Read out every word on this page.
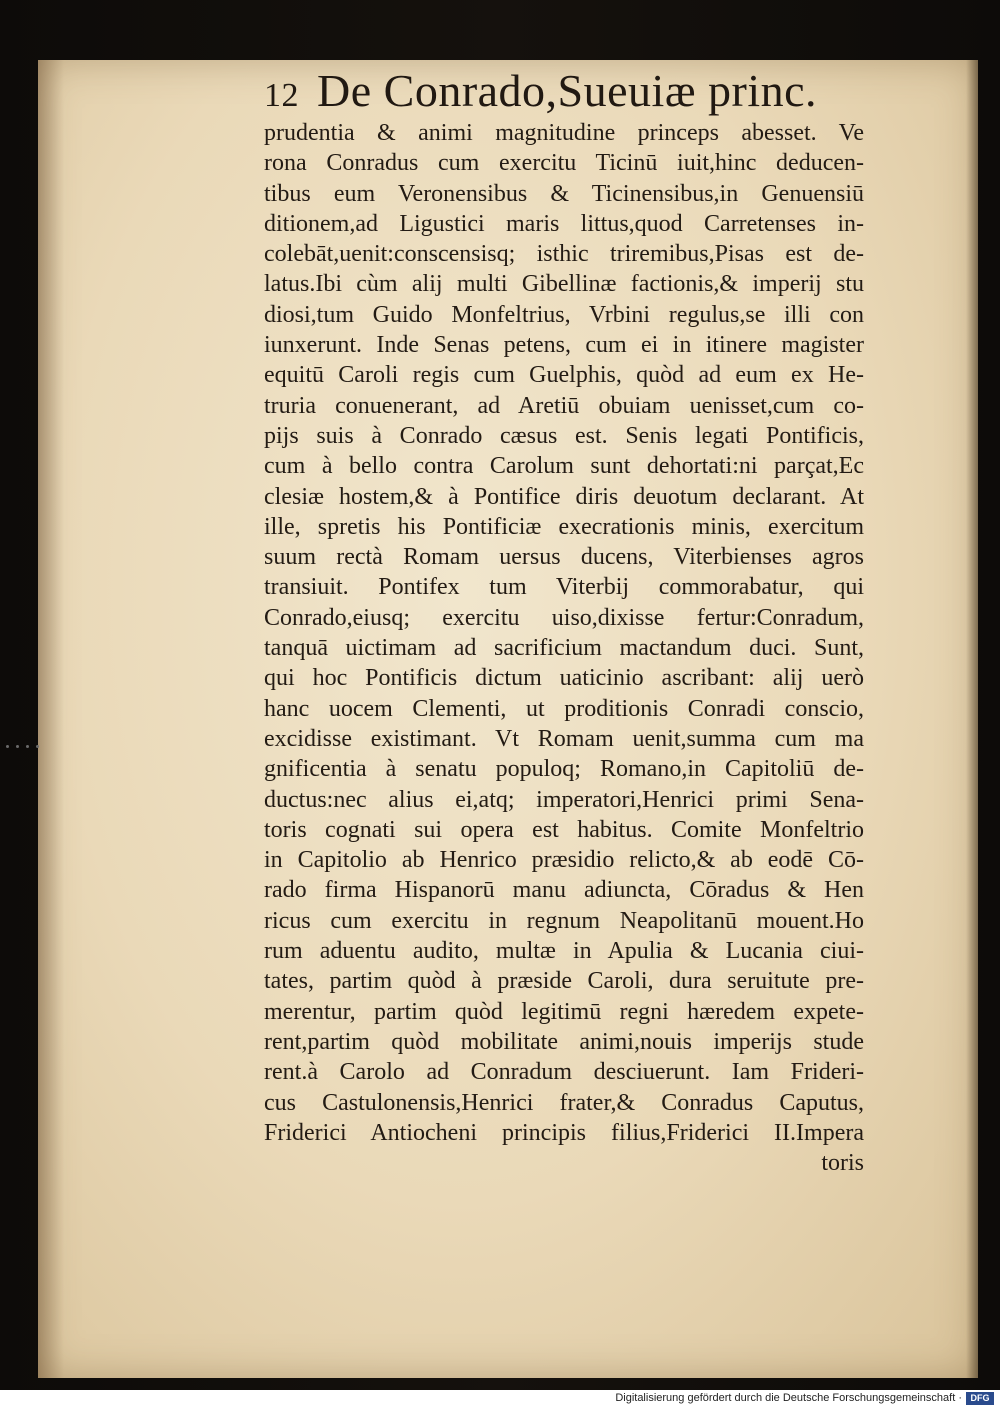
12 De Conrado,Sueuiæ princ.
prudentia & animi magnitudine princeps abesset. Ve
rona Conradus cum exercitu Ticinū iuit,hinc deducen-
tibus eum Veronensibus & Ticinensibus,in Genuensiū
ditionem,ad Ligustici maris littus,quod Carretenses in-
colebāt,uenit:conscensisq; isthic triremibus,Pisas est de-
latus.Ibi cùm alij multi Gibellinæ factionis,& imperij stu
diosi,tum Guido Monfeltrius, Vrbini regulus,se illi con
iunxerunt. Inde Senas petens, cum ei in itinere magister
equitū Caroli regis cum Guelphis, quòd ad eum ex He-
truria conuenerant, ad Aretiū obuiam uenisset,cum co-
pijs suis à Conrado cæsus est. Senis legati Pontificis,
cum à bello contra Carolum sunt dehortati:ni parçat,Ec
clesiæ hostem,& à Pontifice diris deuotum declarant. At
ille, spretis his Pontificiæ execrationis minis, exercitum
suum rectà Romam uersus ducens, Viterbienses agros
transiuit. Pontifex tum Viterbij commorabatur, qui
Conrado,eiusq; exercitu uiso,dixisse fertur:Conradum,
tanquā uictimam ad sacrificium mactandum duci. Sunt,
qui hoc Pontificis dictum uaticinio ascribant: alij uerò
hanc uocem Clementi, ut proditionis Conradi conscio,
excidisse existimant. Vt Romam uenit,summa cum ma
gnificentia à senatu populoq; Romano,in Capitoliū de-
ductus:nec alius ei,atq; imperatori,Henrici primi Sena-
toris cognati sui opera est habitus. Comite Monfeltrio
in Capitolio ab Henrico præsidio relicto,& ab eodē Cō-
rado firma Hispanorū manu adiuncta, Cōradus & Hen
ricus cum exercitu in regnum Neapolitanū mouent.Ho
rum aduentu audito, multæ in Apulia & Lucania ciui-
tates, partim quòd à præside Caroli, dura seruitute pre-
merentur, partim quòd legitimū regni hæredem expete-
rent,partim quòd mobilitate animi,nouis imperijs stude
rent.à Carolo ad Conradum desciuerunt. Iam Frideri-
cus Castulonensis,Henrici frater,& Conradus Caputus,
Friderici Antiocheni principis filius,Friderici II.Impera
toris
Digitalisierung gefördert durch die Deutsche Forschungsgemeinschaft · DFG
